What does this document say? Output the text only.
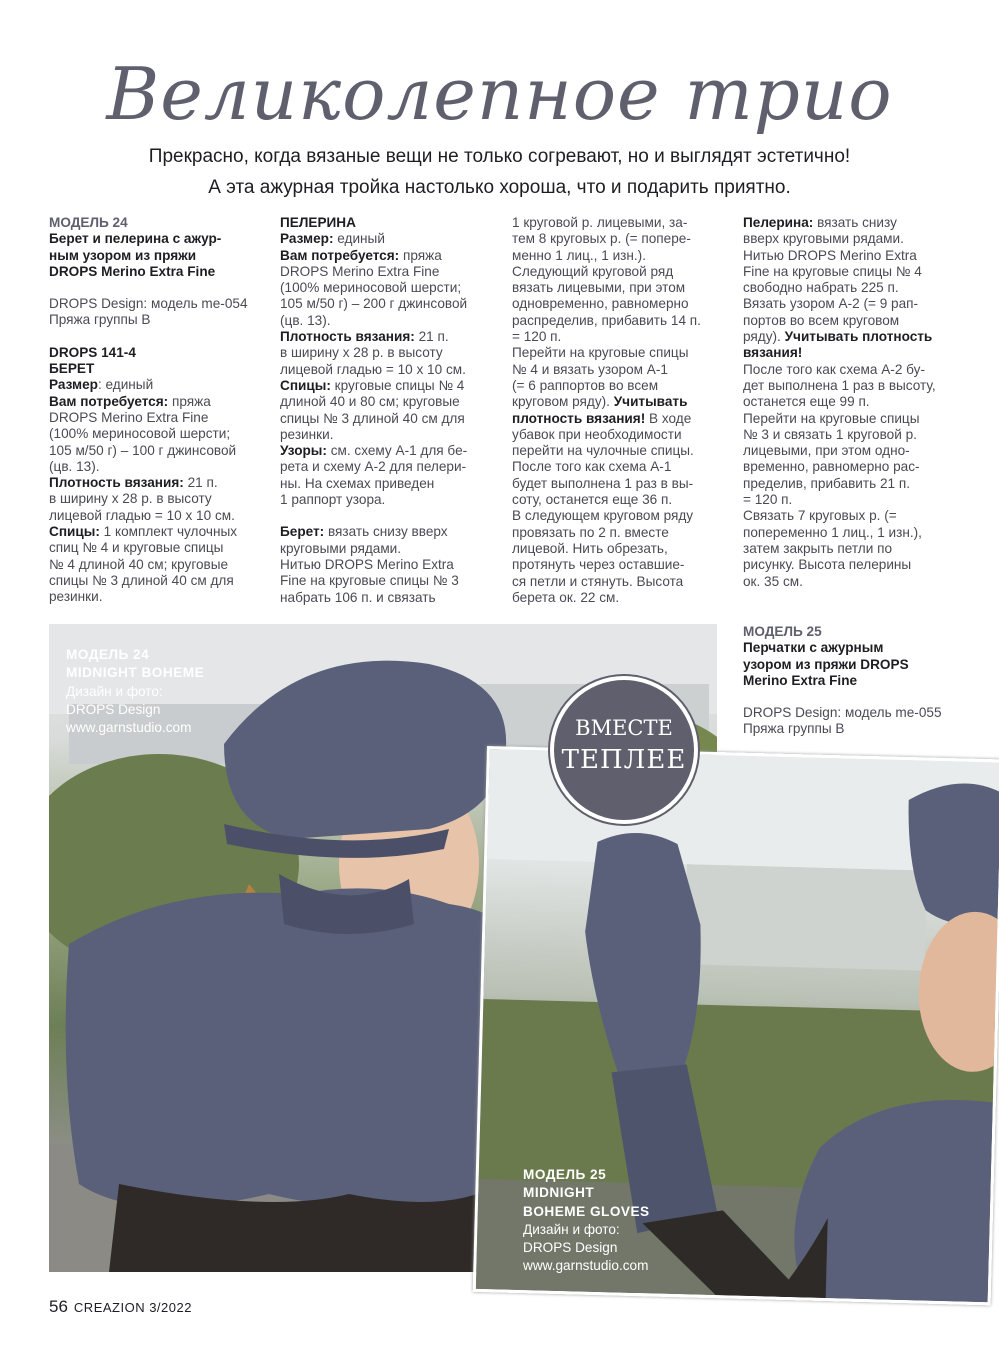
Великолепное трио
Прекрасно, когда вязаные вещи не только согревают, но и выглядят эстетично!
А эта ажурная тройка настолько хороша, что и подарить приятно.

МОДЕЛЬ 24

Берет и пелерина с ажур-

ным узором из пряжи

DROPS Merino Extra Fine

DROPS Design: модель me-054

Пряжа группы B

DROPS 141-4

БЕРЕТ

Размер: единый

Вам потребуется: пряжа

DROPS Merino Extra Fine

(100% мериносовой шерсти;

105 м/50 г) – 100 г джинсовой

(цв. 13).

Плотность вязания: 21 п.

в ширину х 28 р. в высоту

лицевой гладью = 10 х 10 см.

Спицы: 1 комплект чулочных

спиц № 4 и круговые спицы

№ 4 длиной 40 см; круговые

спицы № 3 длиной 40 см для

резинки.

ПЕЛЕРИНА

Размер: единый

Вам потребуется: пряжа

DROPS Merino Extra Fine

(100% мериносовой шерсти;

105 м/50 г) – 200 г джинсовой

(цв. 13).

Плотность вязания: 21 п.

в ширину х 28 р. в высоту

лицевой гладью = 10 х 10 см.

Спицы: круговые спицы № 4

длиной 40 и 80 см; круговые

спицы № 3 длиной 40 см для

резинки.

Узоры: см. схему А-1 для бе-

рета и схему А-2 для пелери-

ны. На схемах приведен

1 раппорт узора.

Берет: вязать снизу вверх

круговыми рядами.

Нитью DROPS Merino Extra

Fine на круговые спицы № 3

набрать 106 п. и связать

1 круговой р. лицевыми, за-

тем 8 круговых р. (= попере-

менно 1 лиц., 1 изн.).

Следующий круговой ряд

вязать лицевыми, при этом

одновременно, равномерно

распределив, прибавить 14 п.

= 120 п.

Перейти на круговые спицы

№ 4 и вязать узором А-1

(= 6 раппортов во всем

круговом ряду). Учитывать плотность вязания! В ходе

убавок при необходимости

перейти на чулочные спицы.

После того как схема А-1

будет выполнена 1 раз в вы-

соту, останется еще 36 п.

В следующем круговом ряду

провязать по 2 п. вместе

лицевой. Нить обрезать,

протянуть через оставшие-

ся петли и стянуть. Высота

берета ок. 22 см.

Пелерина: вязать снизу

вверх круговыми рядами.

Нитью DROPS Merino Extra

Fine на круговые спицы № 4

свободно набрать 225 п.

Вязать узором А-2 (= 9 рап-

портов во всем круговом

ряду). Учитывать плотность вязания!

После того как схема А-2 бу-

дет выполнена 1 раз в высоту,

останется еще 99 п.

Перейти на круговые спицы

№ 3 и связать 1 круговой р.

лицевыми, при этом одно-

временно, равномерно рас-

пределив, прибавить 21 п.

= 120 п.

Связать 7 круговых р. (=

попеременно 1 лиц., 1 изн.),

затем закрыть петли по

рисунку. Высота пелерины

ок. 35 см.

МОДЕЛЬ 25

Перчатки с ажурным

узором из пряжи DROPS

Merino Extra Fine

DROPS Design: модель me-055

Пряжа группы B

МОДЕЛЬ 24
MIDNIGHT BOHEME
Дизайн и фото:
DROPS Design
www.garnstudio.com
МОДЕЛЬ 25
MIDNIGHT
BOHEME GLOVES
Дизайн и фото:
DROPS Design
www.garnstudio.com
ВМЕСТЕ
ТЕПЛЕЕ
56 CREAZION 3/2022
